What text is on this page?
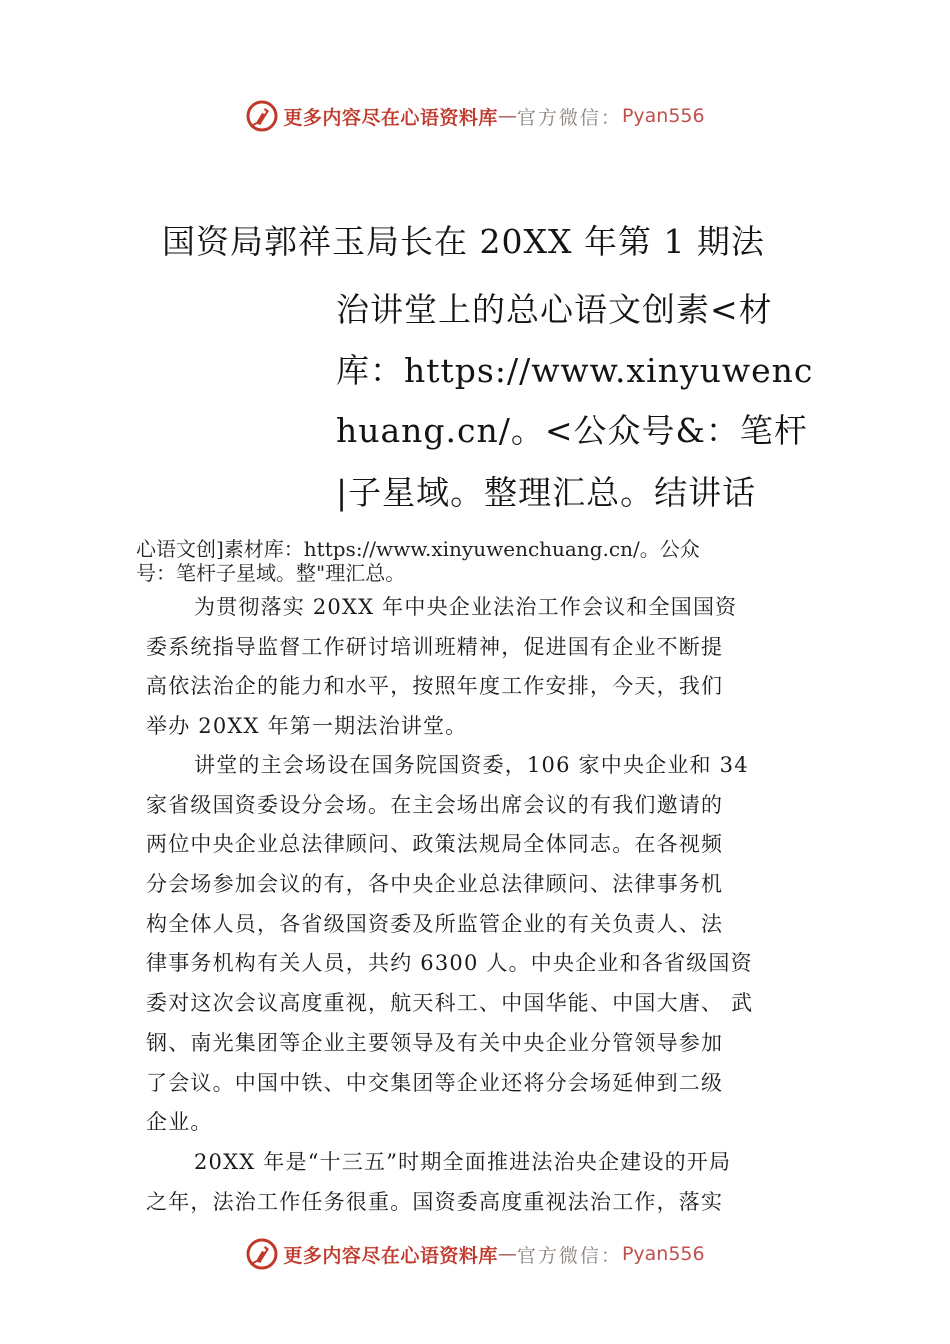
更多内容尽在心语资料库 — 官方微信： Pyan556
国资局郭祥玉局长在 20XX 年第 1 期法
治讲堂上的总心语文创素<材
库：https://www.xinyuwenc
huang.cn/。<公众号&：笔杆
|子星域。整理汇总。结讲话
心语文创]素材库：https://www.xinyuwenchuang.cn/。公众
号：笔杆子星域。整"理汇总。

为贯彻落实 20XX 年中央企业法治工作会议和全国国资
委系统指导监督工作研讨培训班精神，促进国有企业不断提
高依法治企的能力和水平，按照年度工作安排，今天，我们
举办 20XX 年第一期法治讲堂。

讲堂的主会场设在国务院国资委，106 家中央企业和 34
家省级国资委设分会场。在主会场出席会议的有我们邀请的
两位中央企业总法律顾问、政策法规局全体同志。在各视频
分会场参加会议的有，各中央企业总法律顾问、法律事务机
构全体人员，各省级国资委及所监管企业的有关负责人、法
律事务机构有关人员，共约 6300 人。中央企业和各省级国资
委对这次会议高度重视，航天科工、中国华能、中国大唐、 武
钢、南光集团等企业主要领导及有关中央企业分管领导参加
了会议。中国中铁、中交集团等企业还将分会场延伸到二级
企业。

20XX 年是“十三五”时期全面推进法治央企建设的开局
之年，法治工作任务很重。国资委高度重视法治工作，落实

更多内容尽在心语资料库 — 官方微信： Pyan556
